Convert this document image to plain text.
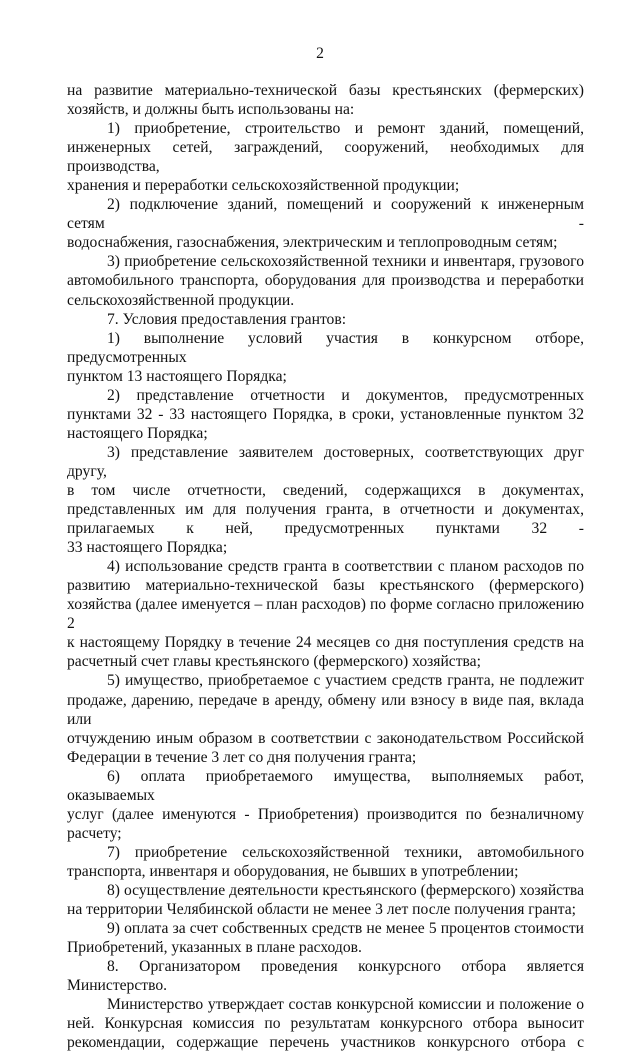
2

на развитие материально-технической базы крестьянских (фермерских)

хозяйств, и должны быть использованы на:

1) приобретение, строительство и ремонт зданий, помещений,

инженерных сетей, заграждений, сооружений, необходимых для производства,

хранения и переработки сельскохозяйственной продукции;

2) подключение зданий, помещений и сооружений к инженерным сетям -

водоснабжения, газоснабжения, электрическим и теплопроводным сетям;

3) приобретение сельскохозяйственной техники и инвентаря, грузового

автомобильного транспорта, оборудования для производства и переработки

сельскохозяйственной продукции.

7. Условия предоставления грантов:

1) выполнение условий участия в конкурсном отборе, предусмотренных

пунктом 13 настоящего Порядка;

2) представление отчетности и документов, предусмотренных

пунктами 32 - 33 настоящего Порядка, в сроки, установленные пунктом 32

настоящего Порядка;

3) представление заявителем достоверных, соответствующих друг другу,

в том числе отчетности, сведений, содержащихся в документах,

представленных им для получения гранта, в отчетности и документах,

прилагаемых к ней, предусмотренных пунктами 32 -

33 настоящего Порядка;

4) использование средств гранта в соответствии с планом расходов по

развитию материально-технической базы крестьянского (фермерского)

хозяйства (далее именуется – план расходов) по форме согласно приложению 2

к настоящему Порядку в течение 24 месяцев со дня поступления средств на

расчетный счет главы крестьянского (фермерского) хозяйства;

5) имущество, приобретаемое с участием средств гранта, не подлежит

продаже, дарению, передаче в аренду, обмену или взносу в виде пая, вклада или

отчуждению иным образом в соответствии с законодательством Российской

Федерации в течение 3 лет со дня получения гранта;

6) оплата приобретаемого имущества, выполняемых работ, оказываемых

услуг (далее именуются - Приобретения) производится по безналичному

расчету;

7) приобретение сельскохозяйственной техники, автомобильного

транспорта, инвентаря и оборудования, не бывших в употреблении;

8) осуществление деятельности крестьянского (фермерского) хозяйства

на территории Челябинской области не менее 3 лет после получения гранта;

9) оплата за счет собственных средств не менее 5 процентов стоимости

Приобретений, указанных в плане расходов.

8. Организатором проведения конкурсного отбора является

Министерство.

Министерство утверждает состав конкурсной комиссии и положение о

ней. Конкурсная комиссия по результатам конкурсного отбора выносит

рекомендации, содержащие перечень участников конкурсного отбора с
